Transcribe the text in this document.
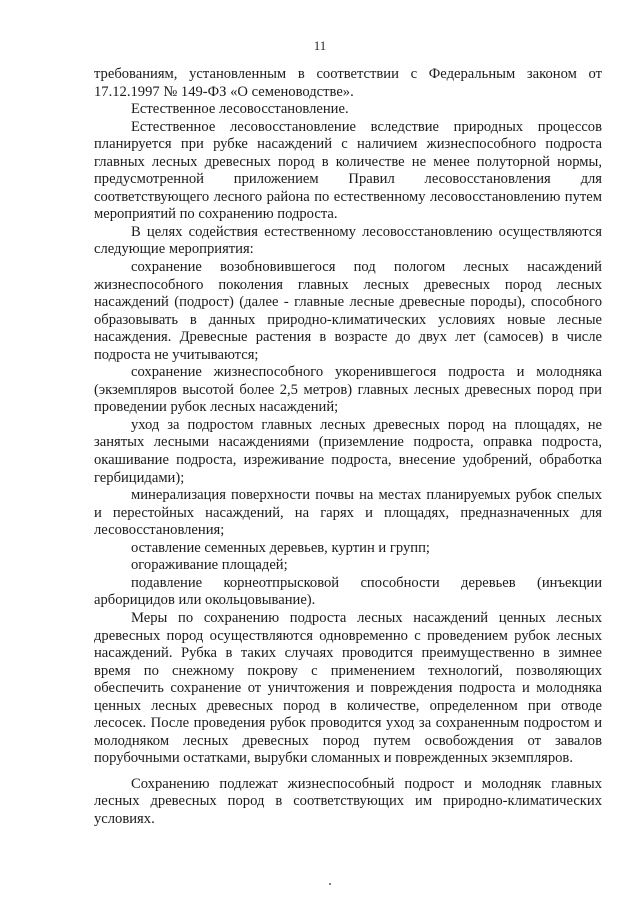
11

требованиям, установленным в соответствии с Федеральным законом от 17.12.1997 № 149-ФЗ «О семеноводстве».

Естественное лесовосстановление.

Естественное лесовосстановление вследствие природных процессов планируется при рубке насаждений с наличием жизнеспособного подроста главных лесных древесных пород в количестве не менее полуторной нормы, предусмотренной приложением Правил лесовосстановления для соответствующего лесного района по естественному лесовосстановлению путем мероприятий по сохранению подроста.

В целях содействия естественному лесовосстановлению осуществляются следующие мероприятия:

сохранение возобновившегося под пологом лесных насаждений жизнеспособного поколения главных лесных древесных пород лесных насаждений (подрост) (далее - главные лесные древесные породы), способного образовывать в данных природно-климатических условиях новые лесные насаждения. Древесные растения в возрасте до двух лет (самосев) в числе подроста не учитываются;

сохранение жизнеспособного укоренившегося подроста и молодняка (экземпляров высотой более 2,5 метров) главных лесных древесных пород при проведении рубок лесных насаждений;

уход за подростом главных лесных древесных пород на площадях, не занятых лесными насаждениями (приземление подроста, оправка подроста, окашивание подроста, изреживание подроста, внесение удобрений, обработка гербицидами);

минерализация поверхности почвы на местах планируемых рубок спелых и перестойных насаждений, на гарях и площадях, предназначенных для лесовосстановления;

оставление семенных деревьев, куртин и групп;

огораживание площадей;

подавление корнеотпрысковой способности деревьев (инъекции арборицидов или окольцовывание).

Меры по сохранению подроста лесных насаждений ценных лесных древесных пород осуществляются одновременно с проведением рубок лесных насаждений. Рубка в таких случаях проводится преимущественно в зимнее время по снежному покрову с применением технологий, позволяющих обеспечить сохранение от уничтожения и повреждения подроста и молодняка ценных лесных древесных пород в количестве, определенном при отводе лесосек. После проведения рубок проводится уход за сохраненным подростом и молодняком лесных древесных пород путем освобождения от завалов порубочными остатками, вырубки сломанных и поврежденных экземпляров.

Сохранению подлежат жизнеспособный подрост и молодняк главных лесных древесных пород в соответствующих им природно-климатических условиях.
